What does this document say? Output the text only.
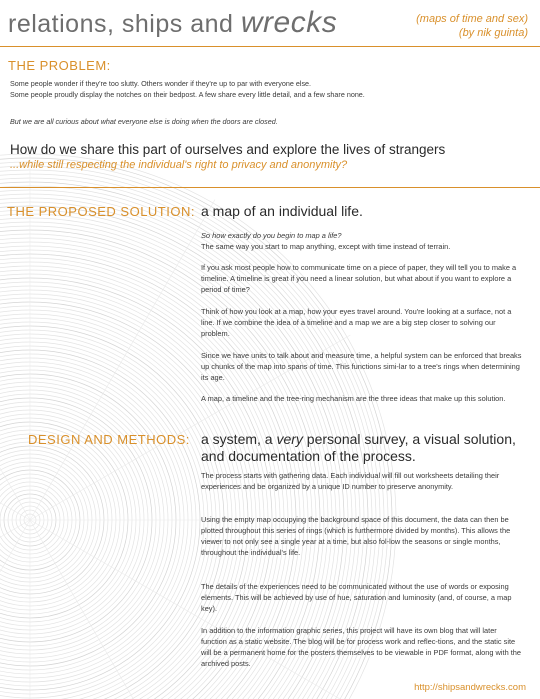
relations, ships and wrecks	(maps of time and sex)
(by nik guinta)
THE PROBLEM:
Some people wonder if they're too slutty. Others wonder if they're up to par with everyone else.
Some people proudly display the notches on their bedpost. A few share every little detail, and a few share none.
But we are all curious about what everyone else is doing when the doors are closed.
How do we share this part of ourselves and explore the lives of strangers
...while still respecting the individual's right to privacy and anonymity?
THE PROPOSED SOLUTION: a map of an individual life.
So how exactly do you begin to map a life?
The same way you start to map anything, except with time instead of terrain.
If you ask most people how to communicate time on a piece of paper, they will tell you to make a timeline. A timeline is great if you need a linear solution, but what about if you want to explore a period of time?
Think of how you look at a map, how your eyes travel around. You're looking at a surface, not a line. If we combine the idea of a timeline and a map we are a big step closer to solving our problem.
Since we have units to talk about and measure time, a helpful system can be enforced that breaks up chunks of the map into spans of time. This functions simi-lar to a tree's rings when determining its age.
A map, a timeline and the tree-ring mechanism are the three ideas that make up this solution.
DESIGN AND METHODS: a system, a very personal survey, a visual solution,
and documentation of the process.
The process starts with gathering data. Each individual will fill out worksheets detailing their experiences and be organized by a unique ID number to preserve anonymity.
Using the empty map occupying the background space of this document, the data can then be plotted throughout this series of rings (which is furthermore divided by months). This allows the viewer to not only see a single year at a time, but also fol-low the seasons or single months, throughout the individual's life.
The details of the experiences need to be communicated without the use of words or exposing elements. This will be achieved by use of hue, saturation and luminosity (and, of course, a map key).
In addition to the information graphic series, this project will have its own blog that will later function as a static website. The blog will be for process work and reflec-tions, and the static site will be a permanent home for the posters themselves to be viewable in PDF format, along with the archived posts.
http://shipsandwrecks.com
